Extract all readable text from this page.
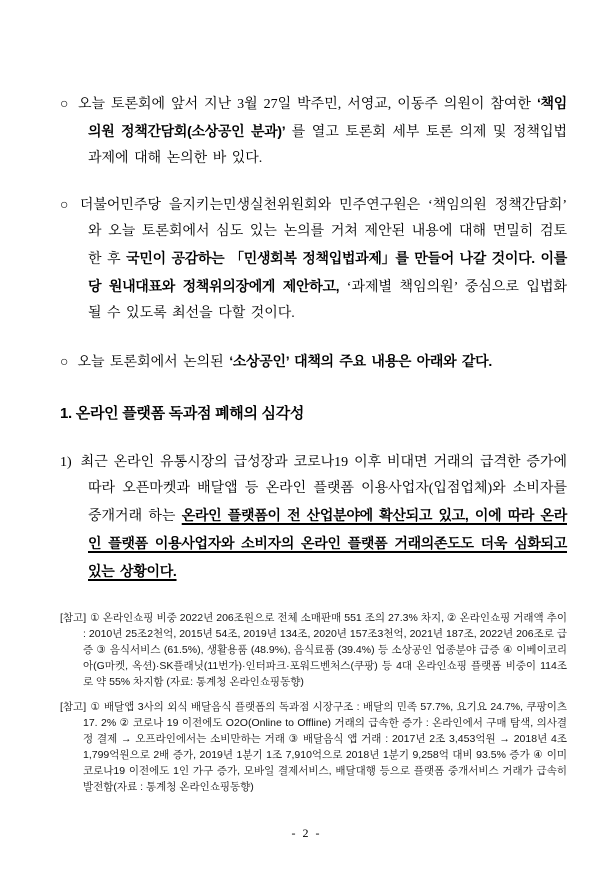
○ 오늘 토론회에 앞서 지난 3월 27일 박주민, 서영교, 이동주 의원이 참여한 ‘책임의원 정책간담회(소상공인 분과)’ 를 열고 토론회 세부 토론 의제 및 정책입법과제에 대해 논의한 바 있다.

○ 더불어민주당 을지키는민생실천위원회와 민주연구원은 ‘책임의원 정책간담회’ 와 오늘 토론회에서 심도 있는 논의를 거쳐 제안된 내용에 대해 면밀히 검토 한 후 국민이 공감하는 「민생회복 정책입법과제」를 만들어 나갈 것이다. 이를 당 원내대표와 정책위의장에게 제안하고, ‘과제별 책임의원’ 중심으로 입법화 될 수 있도록 최선을 다할 것이다.

○ 오늘 토론회에서 논의된 ‘소상공인’ 대책의 주요 내용은 아래와 같다.

1. 온라인 플랫폼 독과점 폐해의 심각성

1) 최근 온라인 유통시장의 급성장과 코로나19 이후 비대면 거래의 급격한 증가에 따라 오픈마켓과 배달앱 등 온라인 플랫폼 이용사업자(입점업체)와 소비자를 중개거래 하는 온라인 플랫폼이 전 산업분야에 확산되고 있고, 이에 따라 온라인 플랫폼 이용사업자와 소비자의 온라인 플랫폼 거래의존도도 더욱 심화되고 있는 상황이다.

[참고] ① 온라인쇼핑 비중 2022년 206조원으로 전체 소매판매 551 조의 27.3% 차지, ② 온라인쇼핑 거래액 추이 : 2010년 25조2천억, 2015년 54조, 2019년 134조, 2020년 157조3천억, 2021년 187조, 2022년 206조로 급증 ③ 음식서비스 (61.5%), 생활용품 (48.9%), 음식료품 (39.4%) 등 소상공인 업종분야 급증 ④ 이베이코리아(G마켓, 옥션)·SK플래닛(11번가)·인터파크·포워드벤처스(쿠팡) 등 4대 온라인쇼핑 플랫폼 비중이 114조로 약 55% 차지함 (자료: 통계청 온라인쇼핑동향)

[참고] ① 배달앱 3사의 외식 배달음식 플랫폼의 독과점 시장구조 : 배달의 민족 57.7%, 요기요 24.7%, 쿠팡이츠 17. 2% ② 코로나 19 이전에도 O2O(Online to Offline) 거래의 급속한 증가 : 온라인에서 구매 탐색, 의사결정 결제 → 오프라인에서는 소비만하는 거래 ③ 배달음식 앱 거래 : 2017년 2조 3,453억원 → 2018년 4조1,799억원으로 2배 증가, 2019년 1분기 1조 7,910억으로 2018년 1분기 9,258억 대비 93.5% 증가 ④ 이미 코로나19 이전에도 1인 가구 증가, 모바일 결제서비스, 배달대행 등으로 플랫폼 중개서비스 거래가 급속히 발전함(자료 : 통계청 온라인쇼핑동향)

- 2 -
